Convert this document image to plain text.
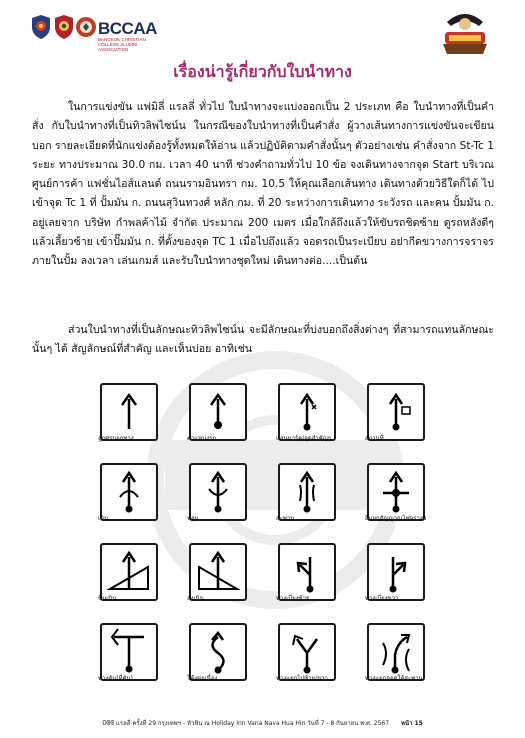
BCCAA
BANGKOK CHRISTIAN COLLEGE ALUMNI ASSOCIATION
เรื่องน่ารู้เกี่ยวกับใบนำทาง

ในการแข่งขัน แฟมิลี่ แรลลี่ ทั่วไป ใบนำทางจะแบ่งออกเป็น 2 ประเภท คือ ใบนำทางที่เป็นคำสั่ง กับใบนำทางที่เป็นทิวลิพไซน์น ในกรณีของใบนำทางที่เป็นคำสั่ง ผู้วางเส้นทางการแข่งขันจะเขียนบอก รายละเอียดที่นักแข่งต้องรู้ทั้งหมดให้อ่าน แล้วปฏิบัติตามคำสั่งนั้นๆ ตัวอย่างเช่น คำสั่งจาก St-Tc 1 ระยะ ทางประมาณ 30.0 กม. เวลา 40 นาที ช่วงคำถามทั่วไป 10 ข้อ จงเดินทางจากจุด Start บริเวณศูนย์การค้า แฟชั่นไอส์แลนด์ ถนนรามอินทรา กม. 10.5 ให้คุณเลือกเส้นทาง เดินทางด้วยวิธีใดก็ได้ ไปเข้าจุด Tc 1 ที่ ปั้มมัน ก. ถนนสุวินทวงศ์ หลัก กม. ที่ 20 ระหว่างการเดินทาง ระวังรถ และคน ปั้มมัน ก. อยู่เลยจาก บริษัท กำพลค้าไม้ จำกัด ประมาณ 200 เมตร เมื่อใกล้ถึงแล้วให้ขับรถชิดซ้าย ดูรถหลังดีๆ แล้วเลี้ยวซ้าย เข้าปั๊มมัน ก. ที่ตั้งของจุด TC 1 เมื่อไปถึงแล้ว จอดรถเป็นระเบียบ อย่ากีดขวางการจราจรภายในปั้ม ลงเวลา เล่นเกมส์ และรับใบนำทางชุดใหม่ เดินทางต่อ....เป็นต้น

ส่วนใบนำทางที่เป็นลักษณะทิวลิพไซน์น จะมีลักษณะที่บ่งบอกถึงสิ่งต่างๆ ที่สามารถแทนลักษณะนั้นๆ ได้ สัญลักษณ์ที่สำคัญ และเห็นบ่อย อาทิเช่น

ลูกศรบอกทาง	ตำแหน่งรถ	แลนมาร์ค/จุดสำคัญๆ	สถานที่
เนิน	หลุม	สะพาน	สี่แยกสัญญาณไฟจราจร
ขึ้นเนิน	ลงเนิน	ทางเบี่ยงซ้าย	ทางเบี่ยงขวา
ทางตัน(ที่ตัน)	โค้งต่อเนื่อง	ทางแยกไปซ้าย/ขวา	ทางแยกลอดใต้สะพาน
บีซีซี แรลลี่ ครั้งที่ 29 กรุงเทพฯ - หัวหิน ณ Holiday Inn Vana Nava Hua Hin วันที่ 7 - 8 กันยายน พ.ศ. 2567 หน้า 15
